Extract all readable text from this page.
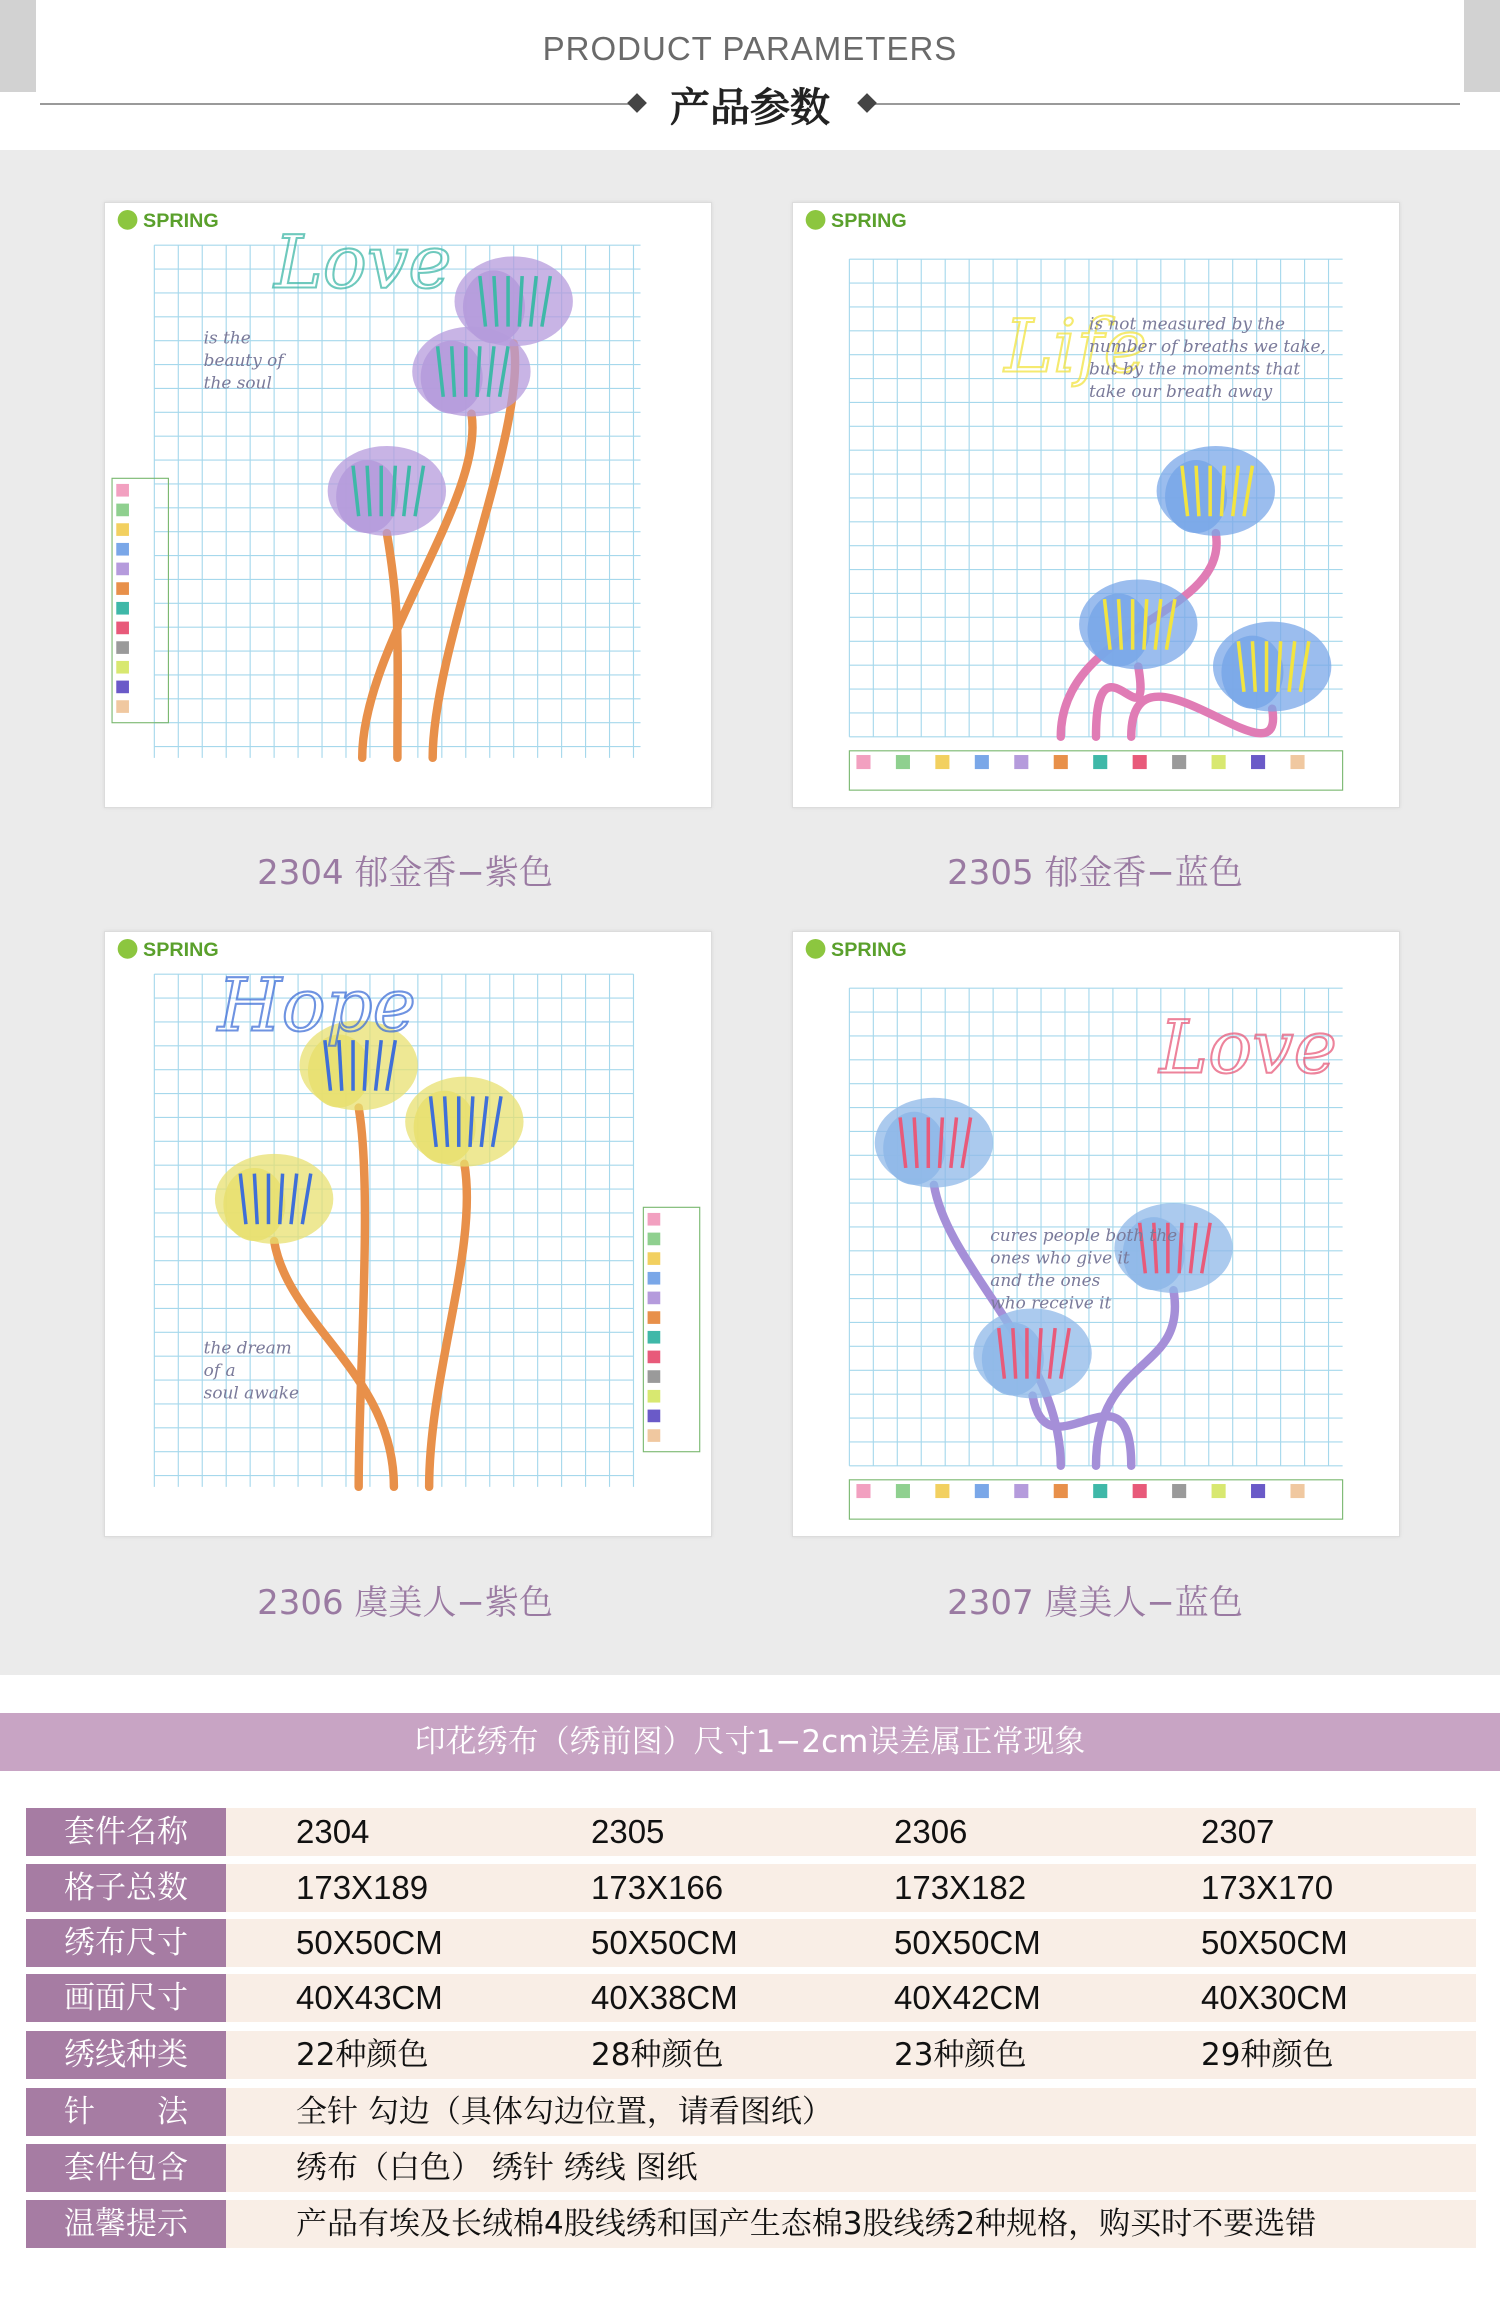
PRODUCT PARAMETERS
产品参数
SPRING Love
is the
beauty of
the soul
2304 郁金香−紫色
SPRING
Life
is not measured by the
number of breaths we take,
but by the moments that
take our breath away
2305 郁金香−蓝色
SPRING
Hope
the dream
of a
soul awake
2306 虞美人−紫色
SPRING
Love
cures people both the
ones who give it
and the ones
who receive it
2307 虞美人−蓝色
印花绣布（绣前图）尺寸1−2cm误差属正常现象
套件名称	2304	2305	2306	2307
格子总数	173X189	173X166	173X182	173X170
绣布尺寸	50X50CM	50X50CM	50X50CM	50X50CM
画面尺寸	40X43CM	40X38CM	40X42CM	40X30CM
绣线种类	22种颜色	28种颜色	23种颜色	29种颜色
针　　法	全针 勾边（具体勾边位置，请看图纸）
套件包含	绣布（白色） 绣针 绣线 图纸
温馨提示	产品有埃及长绒棉4股线绣和国产生态棉3股线绣2种规格，购买时不要选错
